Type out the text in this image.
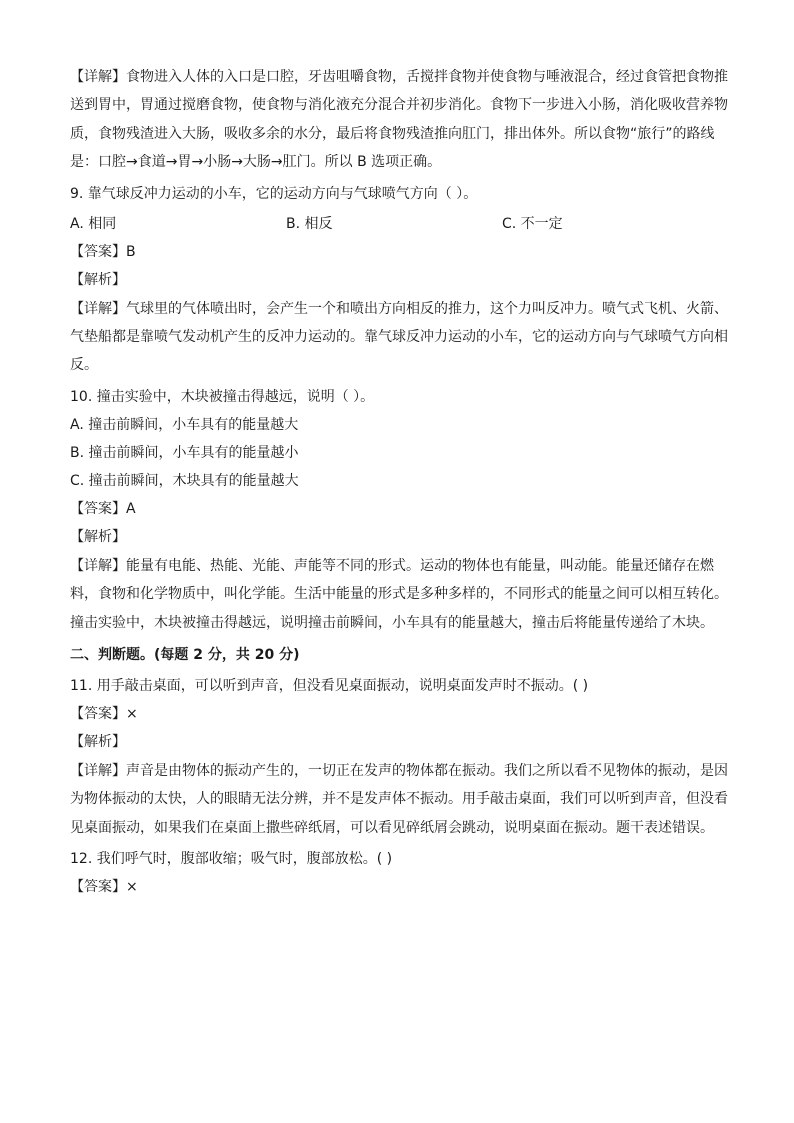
【详解】食物进入人体的入口是口腔，牙齿咀嚼食物，舌搅拌食物并使食物与唾液混合，经过食管把食物推送到胃中，胃通过搅磨食物，使食物与消化液充分混合并初步消化。食物下一步进入小肠，消化吸收营养物质，食物残渣进入大肠，吸收多余的水分，最后将食物残渣推向肛门，排出体外。所以食物“旅行”的路线是：口腔→食道→胃→小肠→大肠→肛门。所以 B 选项正确。
9. 靠气球反冲力运动的小车，它的运动方向与气球喷气方向（ ）。
A. 相同	B. 相反	C. 不一定
【答案】B
【解析】
【详解】气球里的气体喷出时，会产生一个和喷出方向相反的推力，这个力叫反冲力。喷气式飞机、火箭、气垫船都是靠喷气发动机产生的反冲力运动的。靠气球反冲力运动的小车，它的运动方向与气球喷气方向相反。
10. 撞击实验中，木块被撞击得越远，说明（ ）。
A. 撞击前瞬间，小车具有的能量越大
B. 撞击前瞬间，小车具有的能量越小
C. 撞击前瞬间，木块具有的能量越大
【答案】A
【解析】
【详解】能量有电能、热能、光能、声能等不同的形式。运动的物体也有能量，叫动能。能量还储存在燃料，食物和化学物质中，叫化学能。生活中能量的形式是多种多样的，不同形式的能量之间可以相互转化。撞击实验中，木块被撞击得越远，说明撞击前瞬间，小车具有的能量越大，撞击后将能量传递给了木块。
二、判断题。(每题 2 分，共 20 分)
11. 用手敲击桌面，可以听到声音，但没看见桌面振动，说明桌面发声时不振动。( )
【答案】×
【解析】
【详解】声音是由物体的振动产生的，一切正在发声的物体都在振动。我们之所以看不见物体的振动，是因为物体振动的太快，人的眼睛无法分辨，并不是发声体不振动。用手敲击桌面，我们可以听到声音，但没看见桌面振动，如果我们在桌面上撒些碎纸屑，可以看见碎纸屑会跳动，说明桌面在振动。题干表述错误。
12. 我们呼气时，腹部收缩；吸气时，腹部放松。( )
【答案】×
